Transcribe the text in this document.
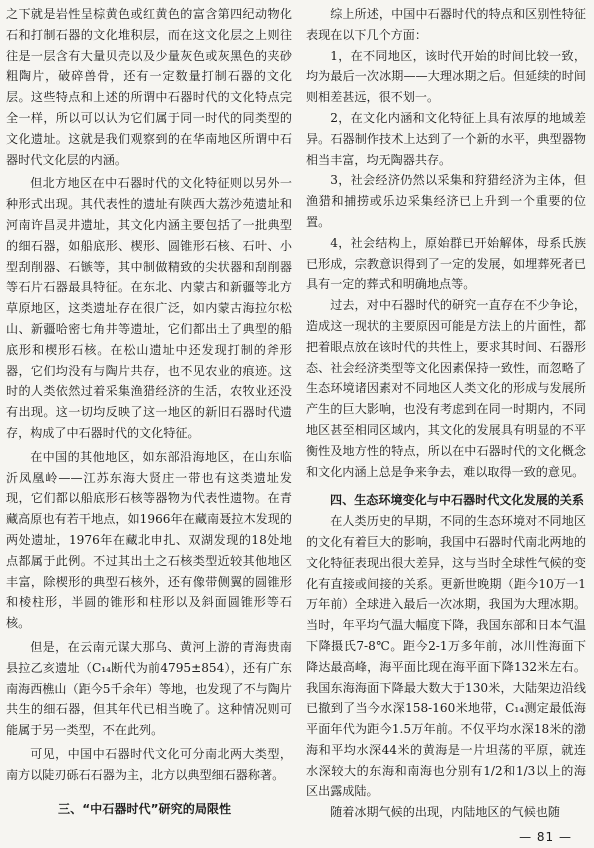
之下就是岩性呈棕黄色或红黄色的富含第四纪动物化石和打制石器的文化堆积层，而在这文化层之上则往往是一层含有大量贝壳以及少量灰色或灰黑色的夹砂粗陶片，破碎兽骨，还有一定数量打制石器的文化层。这些特点和上述的所谓中石器时代的文化特点完全一样，所以可以认为它们属于同一时代的同类型的文化遗址。这就是我们观察到的在华南地区所谓中石器时代文化层的内涵。

但北方地区在中石器时代的文化特征则以另外一种形式出现。其代表性的遗址有陕西大荔沙苑遗址和河南许昌灵井遗址，其文化内涵主要包括了一批典型的细石器，如船底形、楔形、圆锥形石核、石叶、小型刮削器、石镞等，其中制做精致的尖状器和刮削器等石片石器最具特征。在东北、内蒙古和新疆等北方草原地区，这类遗址存在很广泛，如内蒙古海拉尔松山、新疆哈密七角井等遗址，它们都出土了典型的船底形和楔形石核。在松山遗址中还发现打制的斧形器，它们均没有与陶片共存，也不见农业的痕迹。这时的人类依然过着采集渔猎经济的生活，农牧业还没有出现。这一切均反映了这一地区的新旧石器时代遗存，构成了中石器时代的文化特征。

在中国的其他地区，如东部沿海地区，在山东临沂凤凰岭——江苏东海大贤庄一带也有这类遗址发现，它们都以船底形石核等器物为代表性遗物。在青藏高原也有若干地点，如1966年在藏南聂拉木发现的两处遗址，1976年在藏北申扎、双湖发现的18处地点都属于此例。不过其出土之石核类型近较其他地区丰富，除楔形的典型石核外，还有像带侧翼的圆锥形和棱柱形，半圆的锥形和柱形以及斜面圆锥形等石核。

但是，在云南元谋大那乌、黄河上游的青海贵南县拉乙亥遗址（C₁₄断代为前4795±854），还有广东南海西樵山（距今5千余年）等地，也发现了不与陶片共生的细石器，但其年代已相当晚了。这种情况则可能属于另一类型，不在此列。

可见，中国中石器时代文化可分南北两大类型，南方以陡刃砾石石器为主，北方以典型细石器称著。

三、“中石器时代”研究的局限性

综上所述，中国中石器时代的特点和区别性特征表现在以下几个方面：

1，在不同地区，该时代开始的时间比较一致，均为最后一次冰期——大理冰期之后。但延续的时间则相差甚远，很不划一。

2，在文化内涵和文化特征上具有浓厚的地域差异。石器制作技术上达到了一个新的水平，典型器物相当丰富，均无陶器共存。

3，社会经济仍然以采集和狩猎经济为主体，但渔猎和捕捞或乐边采集经济已上升到一个重要的位置。

4，社会结构上，原始群已开始解体，母系氏族已形成，宗教意识得到了一定的发展，如埋葬死者已具有一定的葬式和明确地点等。

过去，对中石器时代的研究一直存在不少争论，造成这一现状的主要原因可能是方法上的片面性，都把着眼点放在该时代的共性上，要求其时间、石器形态、社会经济类型等文化因素保持一致性，而忽略了生态环境诸因素对不同地区人类文化的形成与发展所产生的巨大影响，也没有考虑到在同一时期内，不同地区甚至相同区域内，其文化的发展具有明显的不平衡性及地方性的特点，所以在中石器时代的文化概念和文化内涵上总是争来争去，难以取得一致的意见。

四、生态环境变化与中石器时代文化发展的关系

在人类历史的早期，不同的生态环境对不同地区的文化有着巨大的影响，我国中石器时代南北两地的文化特征表现出很大差异，这与当时全球性气候的变化有直接或间接的关系。更新世晚期（距今10万一1万年前）全球进入最后一次冰期，我国为大理冰期。当时，年平均气温大幅度下降，我国东部和日本气温下降摄氏7-8℃。距今2-1万多年前，冰川性海面下降达最高峰，海平面比现在海平面下降132米左右。我国东海海面下降最大数大于130米，大陆架边沿线已撤到了当今水深158-160米地带，C₁₄测定最低海平面年代为距今1.5万年前。不仅平均水深18米的渤海和平均水深44米的黄海是一片坦荡的平原，就连水深较大的东海和南海也分别有1/2和1/3以上的海区出露成陆。

随着冰期气候的出现，内陆地区的气候也随

— 81 —
